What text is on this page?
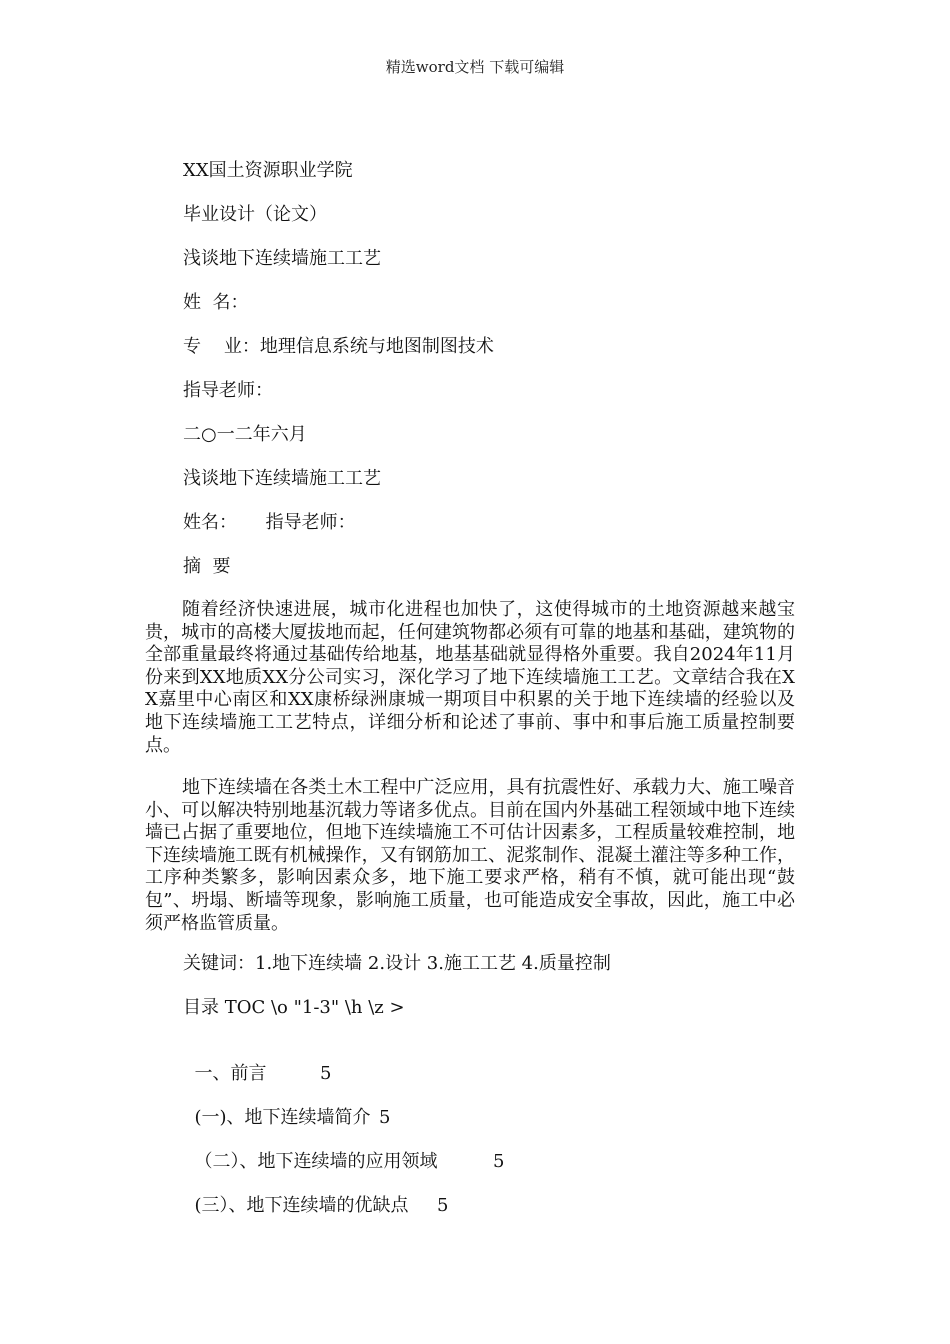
精选word文档 下载可编辑
XX国土资源职业学院
毕业设计（论文）
浅谈地下连续墙施工工艺
姓  名：
专    业：地理信息系统与地图制图技术
指导老师：
二○一二年六月
浅谈地下连续墙施工工艺
姓名：     指导老师：
摘  要
随着经济快速进展，城市化进程也加快了，这使得城市的土地资源越来越宝贵，城市的高楼大厦拔地而起，任何建筑物都必须有可靠的地基和基础，建筑物的全部重量最终将通过基础传给地基，地基基础就显得格外重要。我自2024年11月份来到XX地质XX分公司实习，深化学习了地下连续墙施工工艺。文章结合我在XX嘉里中心南区和XX康桥绿洲康城一期项目中积累的关于地下连续墙的经验以及地下连续墙施工工艺特点，详细分析和论述了事前、事中和事后施工质量控制要点。
地下连续墙在各类土木工程中广泛应用，具有抗震性好、承载力大、施工噪音小、可以解决特别地基沉载力等诸多优点。目前在国内外基础工程领域中地下连续墙已占据了重要地位，但地下连续墙施工不可估计因素多，工程质量较难控制，地下连续墙施工既有机械操作，又有钢筋加工、泥浆制作、混凝土灌注等多种工作，工序种类繁多，影响因素众多，地下施工要求严格，稍有不慎，就可能出现“鼓包”、坍塌、断墙等现象，影响施工质量，也可能造成安全事故，因此，施工中必须严格监管质量。
关键词：1.地下连续墙 2.设计 3.施工工艺 4.质量控制
目录 TOC \o "1-3" \h \z >

一、前言	5

(一)、地下连续墙简介 5

（二）、地下连续墙的应用领域	5

(三）、地下连续墙的优缺点 5
